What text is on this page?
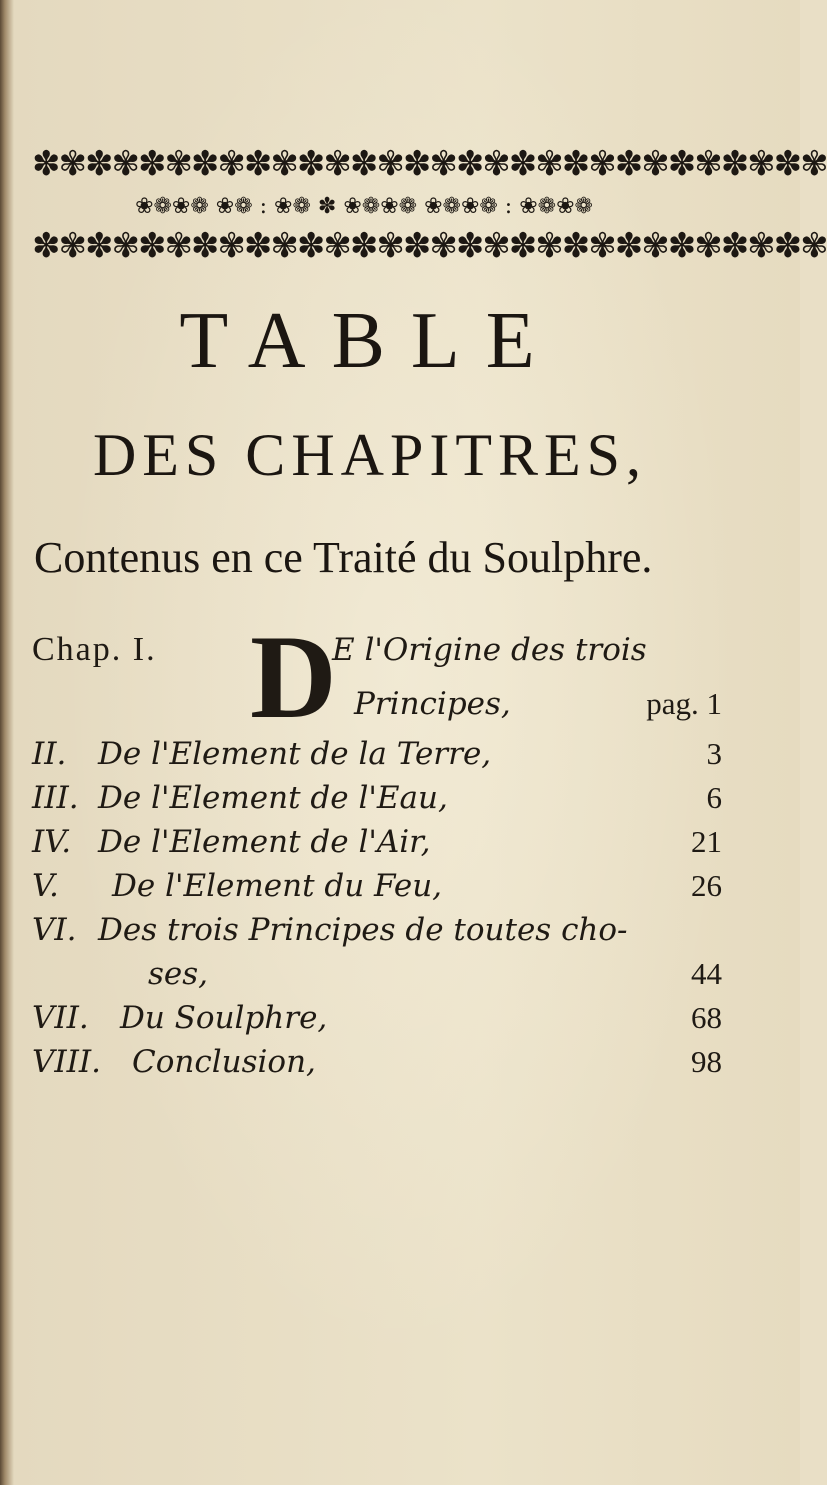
✽✾✽✾✽✾✽✾✽✾✽✾✽✾✽✾✽✾✽✾✽✾✽✾✽✾✽✾✽✾
❀❁❀❁ ❀❁ : ❀❁ ✽ ❀❁❀❁ ❀❁❀❁ : ❀❁❀❁
✽✾✽✾✽✾✽✾✽✾✽✾✽✾✽✾✽✾✽✾✽✾✽✾✽✾✽✾✽✾
TABLE
DES CHAPITRES,
Contenus en ce Traité du Soulphre.
Chap. I. D
E l'Origine des trois
Principes,	pag. 1
II. De l'Element de la Terre,	3
III. De l'Element de l'Eau,	6
IV. De l'Element de l'Air,	21
V. De l'Element du Feu,	26
VI. Des trois Principes de toutes cho-
ses,	44
VII. Du Soulphre,	68
VIII. Conclusion,	98
